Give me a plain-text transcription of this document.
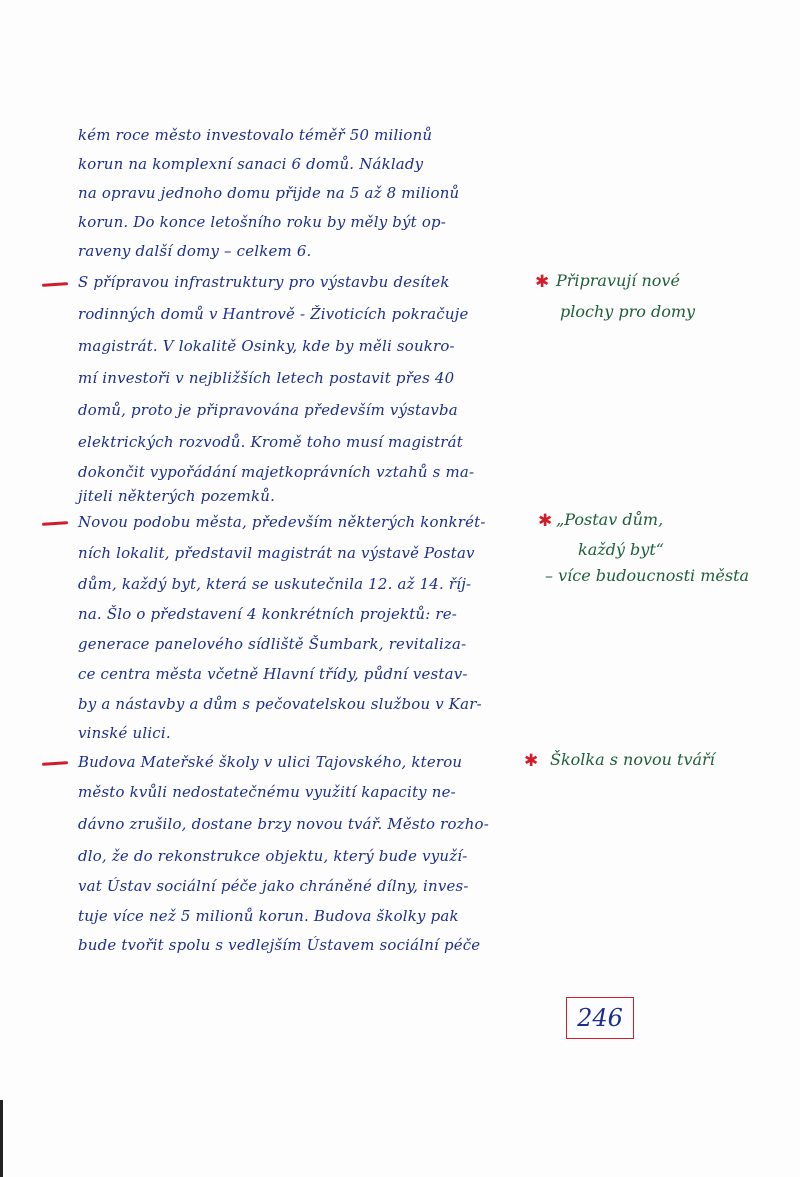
kém roce město investovalo téměř 50 milionů
korun na komplexní sanaci 6 domů. Náklady
na opravu jednoho domu přijde na 5 až 8 milionů
korun. Do konce letošního roku by měly být op-
raveny další domy – celkem 6.
S přípravou infrastruktury pro výstavbu desítek
rodinných domů v Hantrově - Životicích pokračuje
magistrát. V lokalitě Osinky, kde by měli soukro-
mí investoři v nejbližších letech postavit přes 40
domů, proto je připravována především výstavba
elektrických rozvodů. Kromě toho musí magistrát
dokončit vypořádání majetkoprávních vztahů s ma-
jiteli některých pozemků.
✱ Připravují nové
plochy pro domy
Novou podobu města, především některých konkrét-
ních lokalit, představil magistrát na výstavě Postav
dům, každý byt, která se uskutečnila 12. až 14. říj-
na. Šlo o představení 4 konkrétních projektů: re-
generace panelového sídliště Šumbark, revitaliza-
ce centra města včetně Hlavní třídy, půdní vestav-
by a nástavby a dům s pečovatelskou službou v Kar-
vinské ulici.
✱ „Postav dům,
každý byt“
– více budoucnosti města
Budova Mateřské školy v ulici Tajovského, kterou
město kvůli nedostatečnému využití kapacity ne-
dávno zrušilo, dostane brzy novou tvář. Město rozho-
dlo, že do rekonstrukce objektu, který bude využí-
vat Ústav sociální péče jako chráněné dílny, inves-
tuje více než 5 milionů korun. Budova školky pak
bude tvořit spolu s vedlejším Ústavem sociální péče
✱ Školka s novou tváří
246
